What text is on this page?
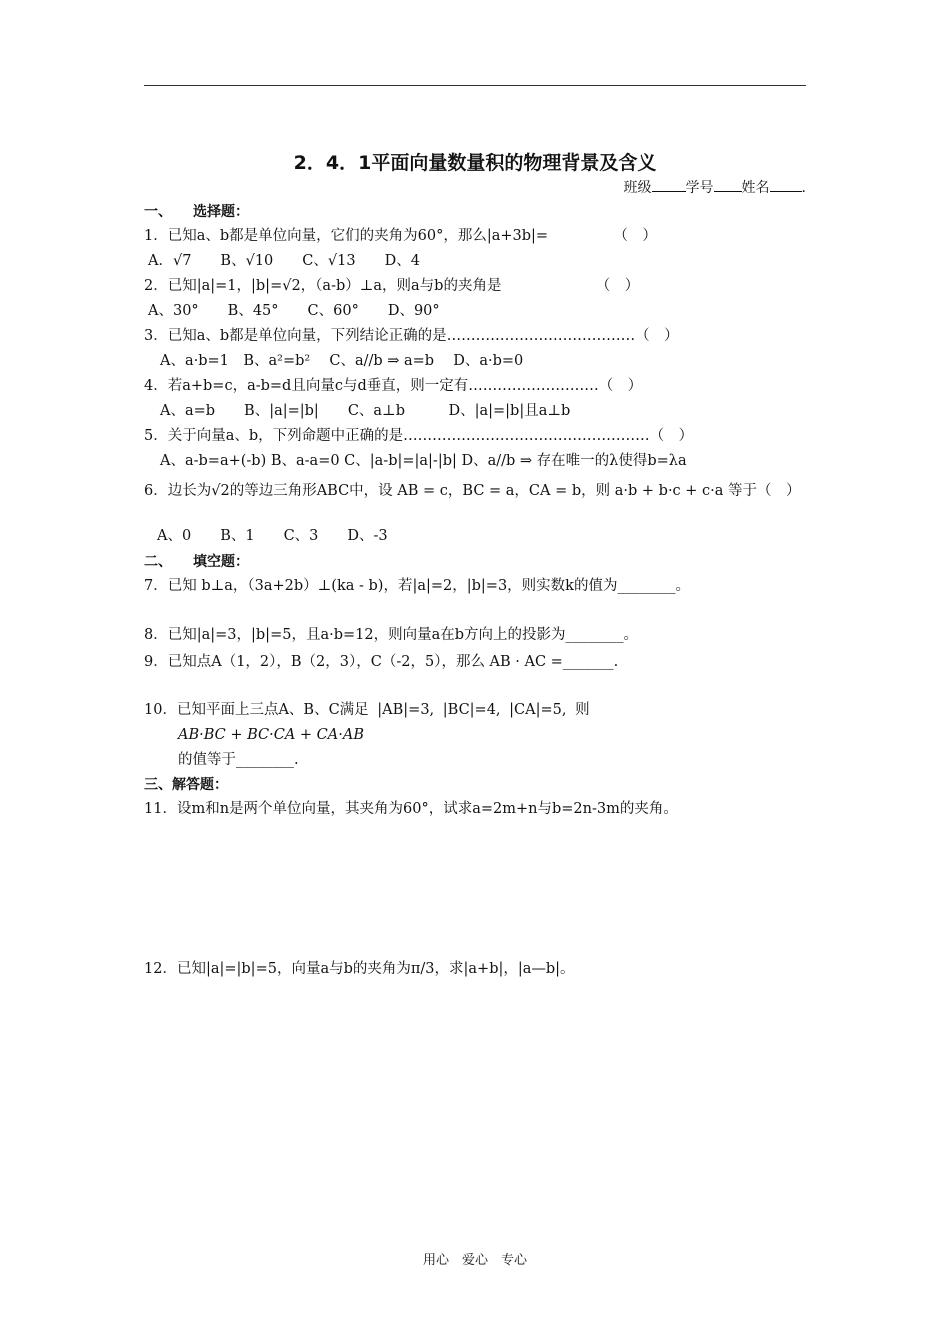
2．4．1平面向量数量积的物理背景及含义
班级 学号 姓名 .
一、　　选择题：
1．已知a、b都是单位向量，它们的夹角为60°，那么|a+3b|=　　　　　（　）
A．√7　　B、√10　　C、√13　　D、4
2．已知|a|=1，|b|=√2，（a-b）⊥a，则a与b的夹角是　　　　　　　（　）
A、30°　　B、45°　　C、60°　　D、90°
3．已知a、b都是单位向量，下列结论正确的是…………………………………（　）
A、a·b=1　B、a²=b²　 C、a//b ⇒ a=b　 D、a·b=0
4．若a+b=c，a-b=d且向量c与d垂直，则一定有………………………（　）
A、a=b　　B、|a|=|b|　　C、a⊥b　　　D、|a|=|b|且a⊥b
5．关于向量a、b，下列命题中正确的是……………………………………………（　）
A、a-b=a+(-b) B、a-a=0 C、|a-b|=|a|-|b| D、a//b ⇒ 存在唯一的λ使得b=λa
6．边长为√2的等边三角形ABC中，设 AB = c，BC = a，CA = b，则 a·b + b·c + c·a 等于（　）
A、0　　B、1　　C、3　　D、-3
二、　　填空题：
7．已知 b⊥a，（3a+2b）⊥(ka - b)，若|a|=2，|b|=3，则实数k的值为________。
8．已知|a|=3，|b|=5，且a·b=12，则向量a在b方向上的投影为________。
9．已知点A（1，2），B（2，3），C（-2，5），那么 AB · AC =_______.
10．已知平面上三点A、B、C满足 |AB|=3, |BC|=4, |CA|=5, 则
AB·BC + BC·CA + CA·AB
的值等于________.
三、解答题：
11．设m和n是两个单位向量，其夹角为60°，试求a=2m+n与b=2n-3m的夹角。
12．已知|a|=|b|=5，向量a与b的夹角为π/3，求|a+b|，|a—b|。
用心　爱心　专心
